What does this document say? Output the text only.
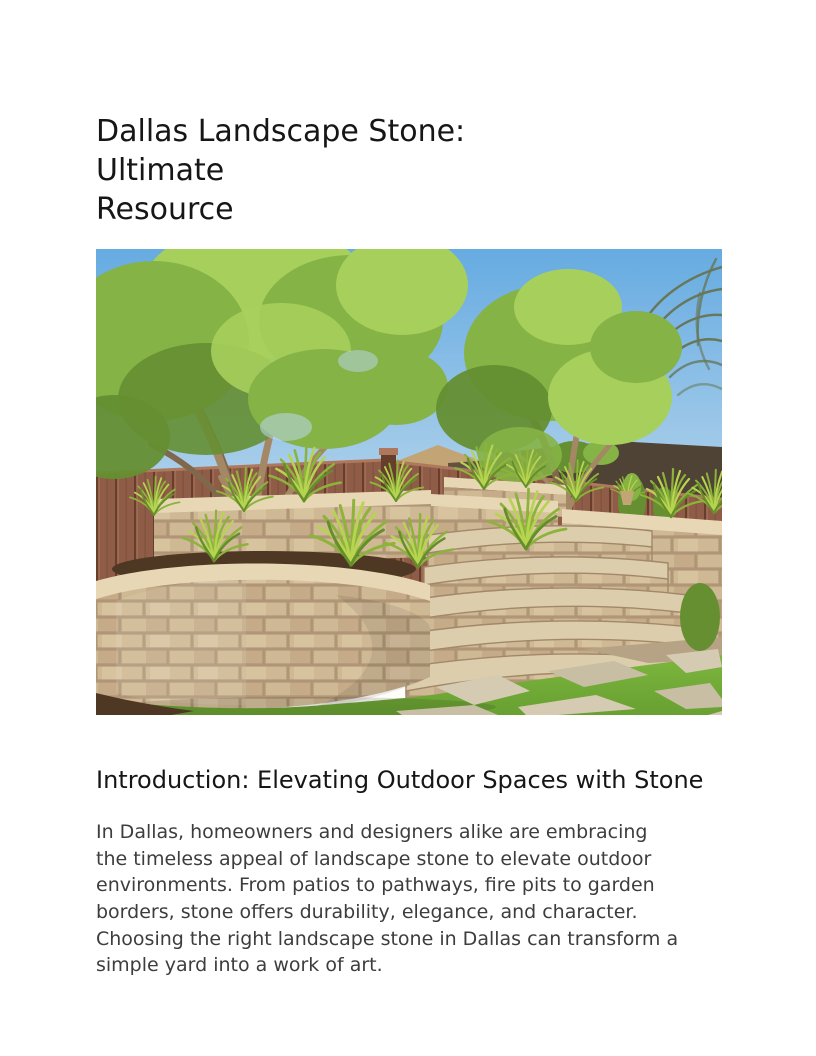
Dallas Landscape Stone:
Ultimate
Resource
Introduction: Elevating Outdoor Spaces with Stone

In Dallas, homeowners and designers alike are embracing the timeless appeal of landscape stone to elevate outdoor environments. From patios to pathways, fire pits to garden borders, stone offers durability, elegance, and character. Choosing the right landscape stone in Dallas can transform a simple yard into a work of art.
